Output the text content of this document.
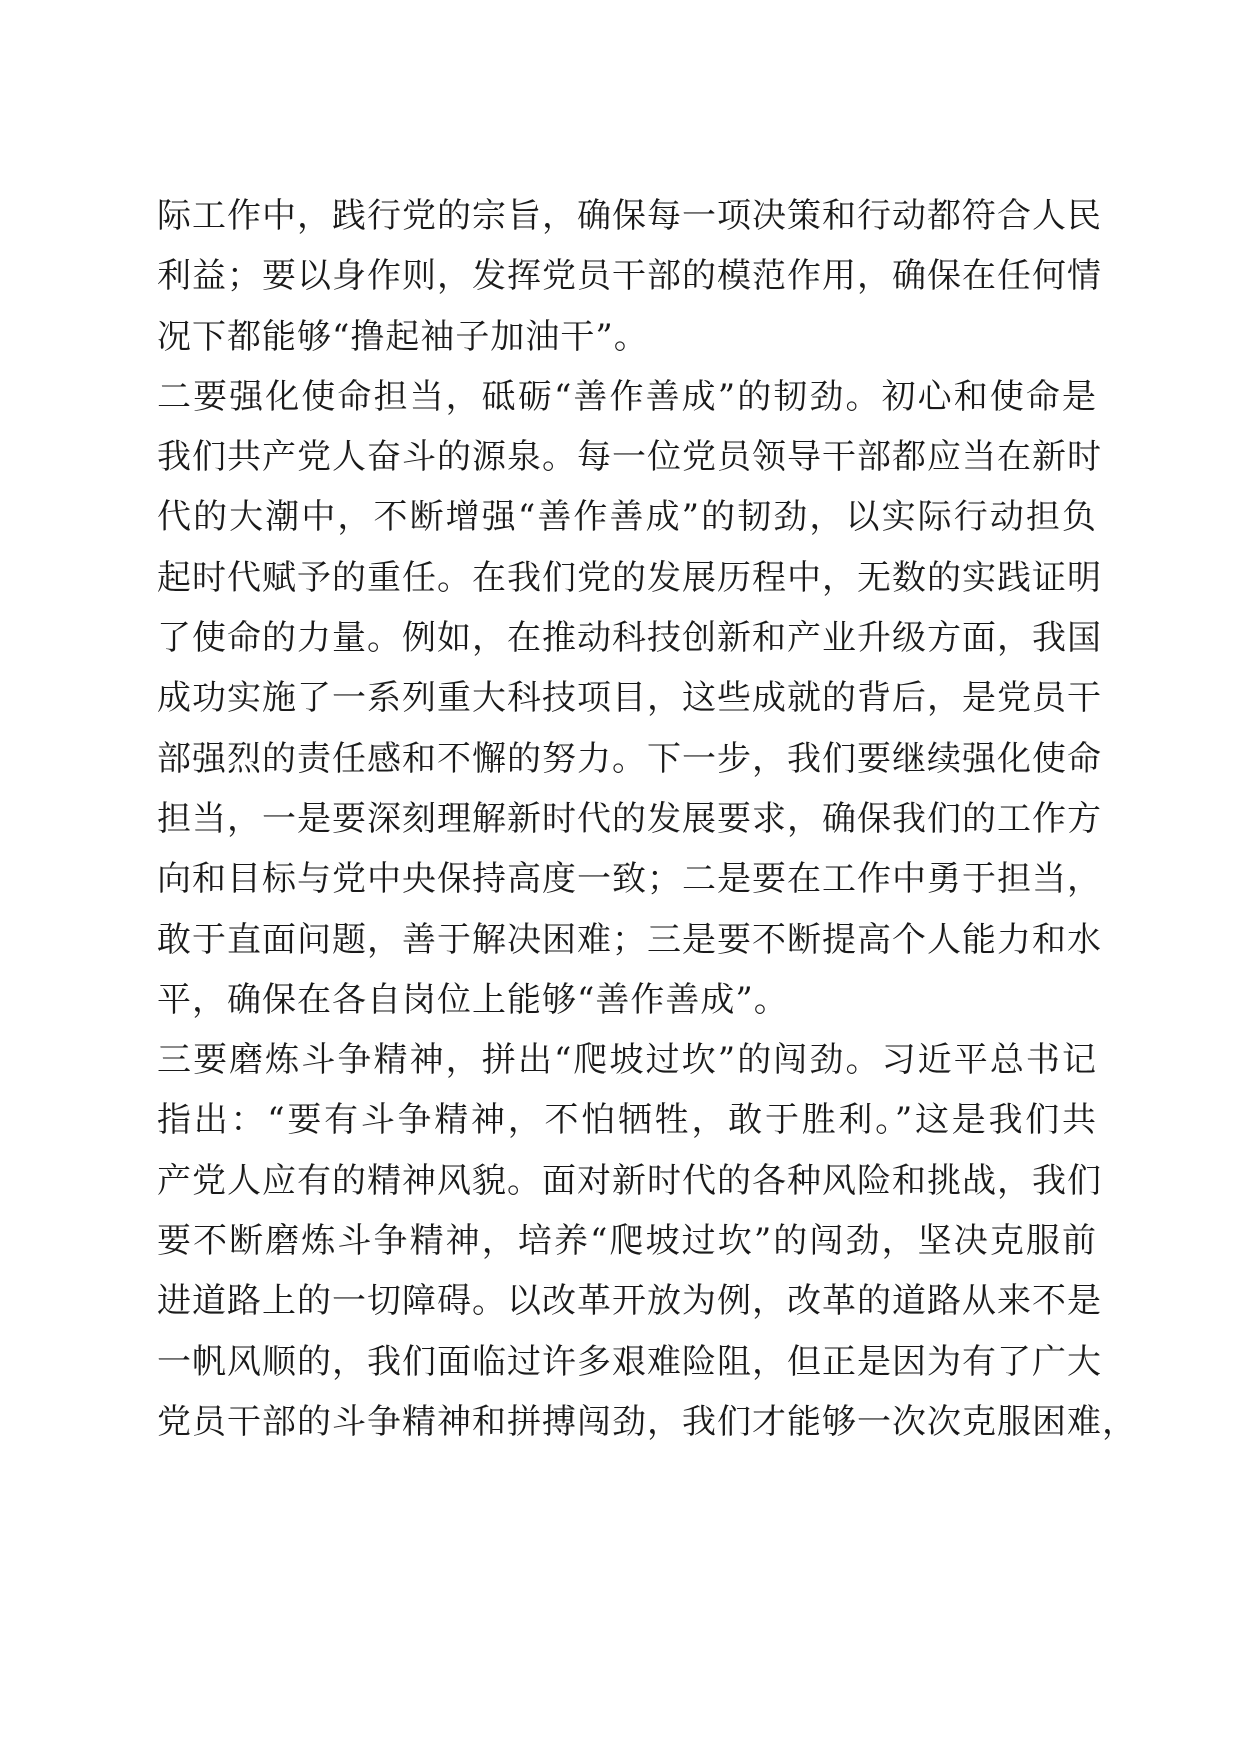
际工作中，践行党的宗旨，确保每一项决策和行动都符合人民
利益；要以身作则，发挥党员干部的模范作用，确保在任何情
况下都能够“撸起袖子加油干”。
二要强化使命担当，砥砺“善作善成”的韧劲。初心和使命是
我们共产党人奋斗的源泉。每一位党员领导干部都应当在新时
代的大潮中，不断增强“善作善成”的韧劲，以实际行动担负
起时代赋予的重任。在我们党的发展历程中，无数的实践证明
了使命的力量。例如，在推动科技创新和产业升级方面，我国
成功实施了一系列重大科技项目，这些成就的背后，是党员干
部强烈的责任感和不懈的努力。下一步，我们要继续强化使命
担当，一是要深刻理解新时代的发展要求，确保我们的工作方
向和目标与党中央保持高度一致；二是要在工作中勇于担当，
敢于直面问题，善于解决困难；三是要不断提高个人能力和水
平，确保在各自岗位上能够“善作善成”。
三要磨炼斗争精神，拼出“爬坡过坎”的闯劲。习近平总书记
指出：“要有斗争精神，不怕牺牲，敢于胜利。”这是我们共
产党人应有的精神风貌。面对新时代的各种风险和挑战，我们
要不断磨炼斗争精神，培养“爬坡过坎”的闯劲，坚决克服前
进道路上的一切障碍。以改革开放为例，改革的道路从来不是
一帆风顺的，我们面临过许多艰难险阻，但正是因为有了广大
党员干部的斗争精神和拼搏闯劲，我们才能够一次次克服困难，
